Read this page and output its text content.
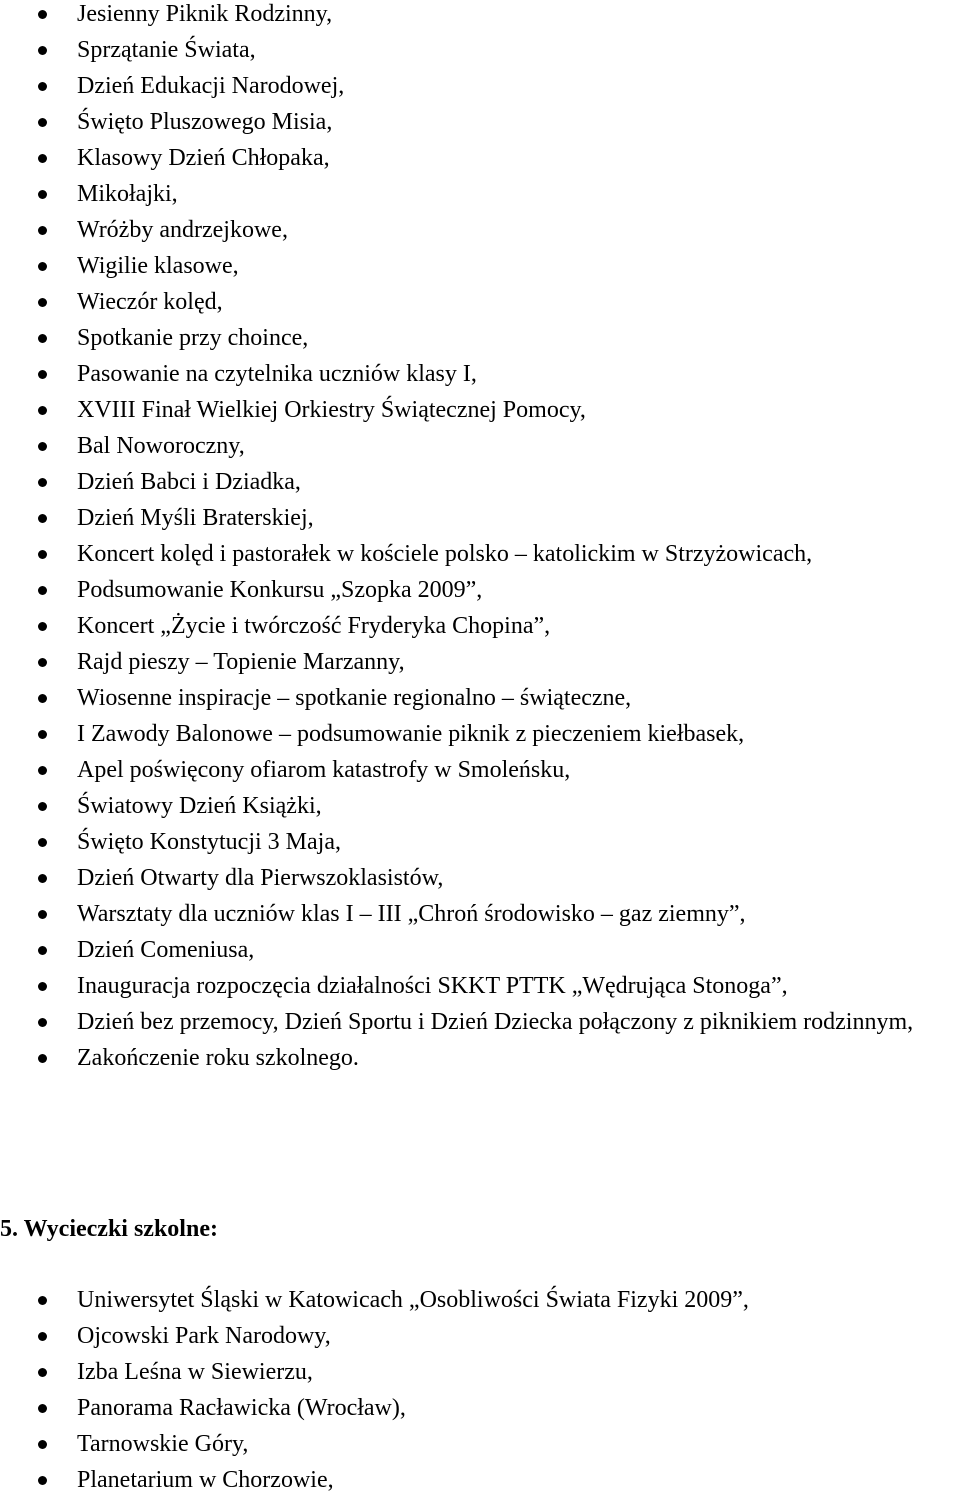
Jesienny Piknik Rodzinny,
Sprzątanie Świata,
Dzień Edukacji Narodowej,
Święto Pluszowego Misia,
Klasowy Dzień Chłopaka,
Mikołajki,
Wróżby andrzejkowe,
Wigilie klasowe,
Wieczór kolęd,
Spotkanie przy choince,
Pasowanie na czytelnika uczniów klasy I,
XVIII Finał Wielkiej Orkiestry Świątecznej Pomocy,
Bal Noworoczny,
Dzień Babci i Dziadka,
Dzień Myśli Braterskiej,
Koncert kolęd i pastorałek w kościele polsko – katolickim w Strzyżowicach,
Podsumowanie Konkursu „Szopka 2009”,
Koncert „Życie i twórczość Fryderyka Chopina”,
Rajd pieszy – Topienie Marzanny,
Wiosenne inspiracje – spotkanie regionalno – świąteczne,
I Zawody Balonowe – podsumowanie piknik z pieczeniem kiełbasek,
Apel poświęcony ofiarom katastrofy w Smoleńsku,
Światowy Dzień Książki,
Święto Konstytucji 3 Maja,
Dzień Otwarty dla Pierwszoklasistów,
Warsztaty dla uczniów klas I – III „Chroń środowisko – gaz ziemny”,
Dzień Comeniusa,
Inauguracja rozpoczęcia działalności SKKT PTTK „Wędrująca Stonoga”,
Dzień bez przemocy, Dzień Sportu i Dzień Dziecka połączony z piknikiem rodzinnym,
Zakończenie roku szkolnego.
5. Wycieczki szkolne:
Uniwersytet Śląski w Katowicach „Osobliwości Świata Fizyki 2009”,
Ojcowski Park Narodowy,
Izba Leśna w Siewierzu,
Panorama Racławicka (Wrocław),
Tarnowskie Góry,
Planetarium w Chorzowie,
